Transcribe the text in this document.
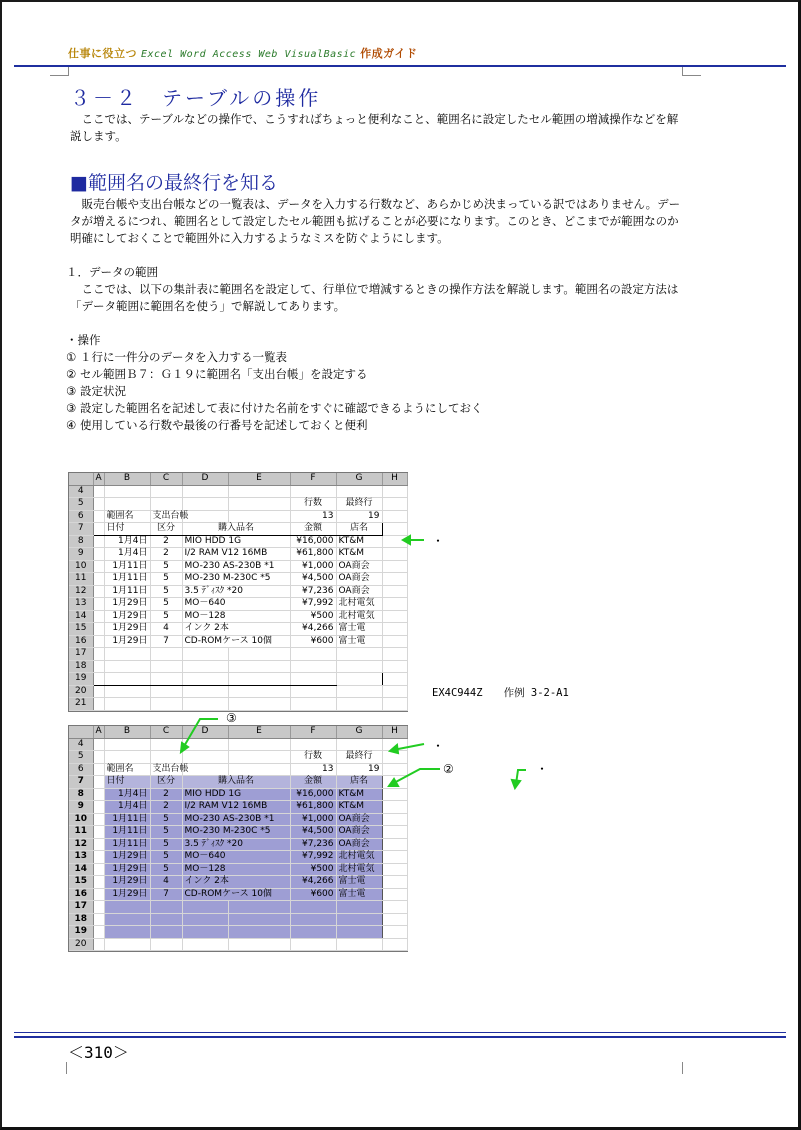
仕事に役立つ Excel Word Access Web VisualBasic 作成ガイド
３－２　テーブルの操作
ここでは、テーブルなどの操作で、こうすればちょっと便利なこと、範囲名に設定したセル範囲の増減操作などを解説します。
■範囲名の最終行を知る
販売台帳や支出台帳などの一覧表は、データを入力する行数など、あらかじめ決まっている訳ではありません。データが増えるにつれ、範囲名として設定したセル範囲も拡げることが必要になります。このとき、どこまでが範囲なのか明確にしておくことで範囲外に入力するようなミスを防ぐようにします。
１．データの範囲
ここでは、以下の集計表に範囲名を設定して、行単位で増減するときの操作方法を解説します。範囲名の設定方法は「データ範囲に範囲名を使う」で解説してあります。
・操作
① １行に一件分のデータを入力する一覧表
② セル範囲Ｂ７：Ｇ１９に範囲名「支出台帳」を設定する
③ 設定状況
③ 設定した範囲名を記述して表に付けた名前をすぐに確認できるようにしておく
④ 使用している行数や最後の行番号を記述しておくと便利
	A	B	C	D	E	F	G	H
4								
5						行数	最終行	
6		範囲名	支出台帳			13	19	
7		日付	区分	購入品名		金額	店名	
8		1月4日	2	MIO HDD 1G		¥16,000	KT&M	
9		1月4日	2	I/2 RAM V12 16MB		¥61,800	KT&M	
10		1月11日	5	MO-230 AS-230B *1		¥1,000	OA商会	
11		1月11日	5	MO-230 M-230C *5		¥4,500	OA商会	
12		1月11日	5	3.5 ﾃﾞｨｽｸ *20		¥7,236	OA商会	
13		1月29日	5	MO－640		¥7,992	北村電気	
14		1月29日	5	MO－128		¥500	北村電気	
15		1月29日	4	インク 2本		¥4,266	富士電	
16		1月29日	7	CD-ROMケース 10個		¥600	富士電	
17								
18								
19								
20								
21								
EX4C944Z　　作例 3-2-A1
	A	B	C	D	E	F	G	H
4								
5						行数	最終行	
6		範囲名	支出台帳			13	19	
7		日付	区分	購入品名		金額	店名	
8		1月4日	2	MIO HDD 1G		¥16,000	KT&M	
9		1月4日	2	I/2 RAM V12 16MB		¥61,800	KT&M	
10		1月11日	5	MO-230 AS-230B *1		¥1,000	OA商会	
11		1月11日	5	MO-230 M-230C *5		¥4,500	OA商会	
12		1月11日	5	3.5 ﾃﾞｨｽｸ *20		¥7,236	OA商会	
13		1月29日	5	MO－640		¥7,992	北村電気	
14		1月29日	5	MO－128		¥500	北村電気	
15		1月29日	4	インク 2本		¥4,266	富士電	
16		1月29日	7	CD-ROMケース 10個		¥600	富士電	
17								
18								
19								
20								
・
③
・
②	・
＜310＞
